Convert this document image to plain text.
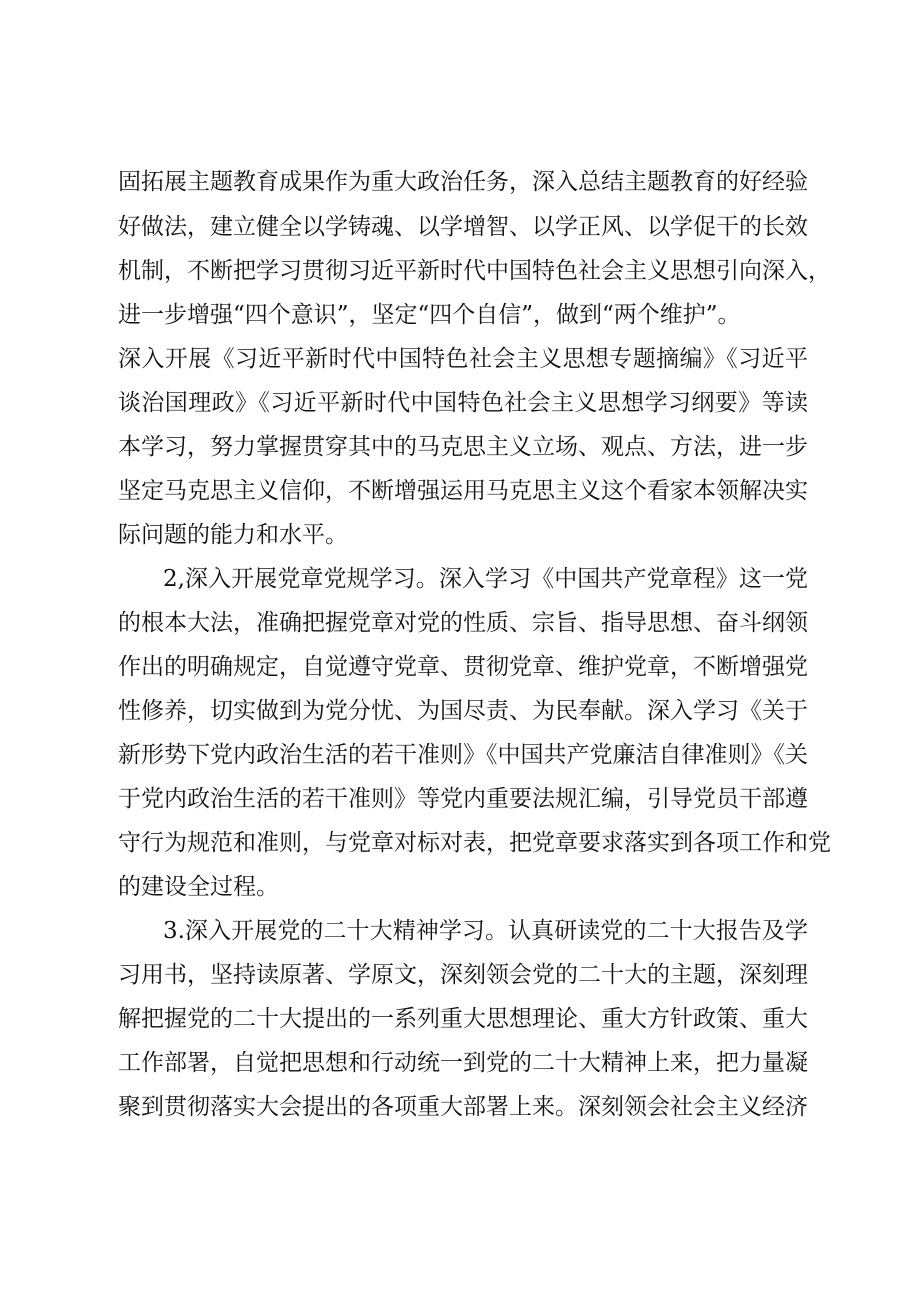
固拓展主题教育成果作为重大政治任务，深入总结主题教育的好经验
好做法，建立健全以学铸魂、以学增智、以学正风、以学促干的长效
机制，不断把学习贯彻习近平新时代中国特色社会主义思想引向深入，
进一步增强“四个意识”，坚定“四个自信”，做到“两个维护”。
深入开展《习近平新时代中国特色社会主义思想专题摘编》《习近平
谈治国理政》《习近平新时代中国特色社会主义思想学习纲要》等读
本学习，努力掌握贯穿其中的马克思主义立场、观点、方法，进一步
坚定马克思主义信仰，不断增强运用马克思主义这个看家本领解决实
际问题的能力和水平。
2,深入开展党章党规学习。深入学习《中国共产党章程》这一党
的根本大法，准确把握党章对党的性质、宗旨、指导思想、奋斗纲领
作出的明确规定，自觉遵守党章、贯彻党章、维护党章，不断增强党
性修养，切实做到为党分忧、为国尽责、为民奉献。深入学习《关于
新形势下党内政治生活的若干准则》《中国共产党廉洁自律准则》《关
于党内政治生活的若干准则》等党内重要法规汇编，引导党员干部遵
守行为规范和准则，与党章对标对表，把党章要求落实到各项工作和党
的建设全过程。
3.深入开展党的二十大精神学习。认真研读党的二十大报告及学
习用书，坚持读原著、学原文，深刻领会党的二十大的主题，深刻理
解把握党的二十大提出的一系列重大思想理论、重大方针政策、重大
工作部署，自觉把思想和行动统一到党的二十大精神上来，把力量凝
聚到贯彻落实大会提出的各项重大部署上来。深刻领会社会主义经济
